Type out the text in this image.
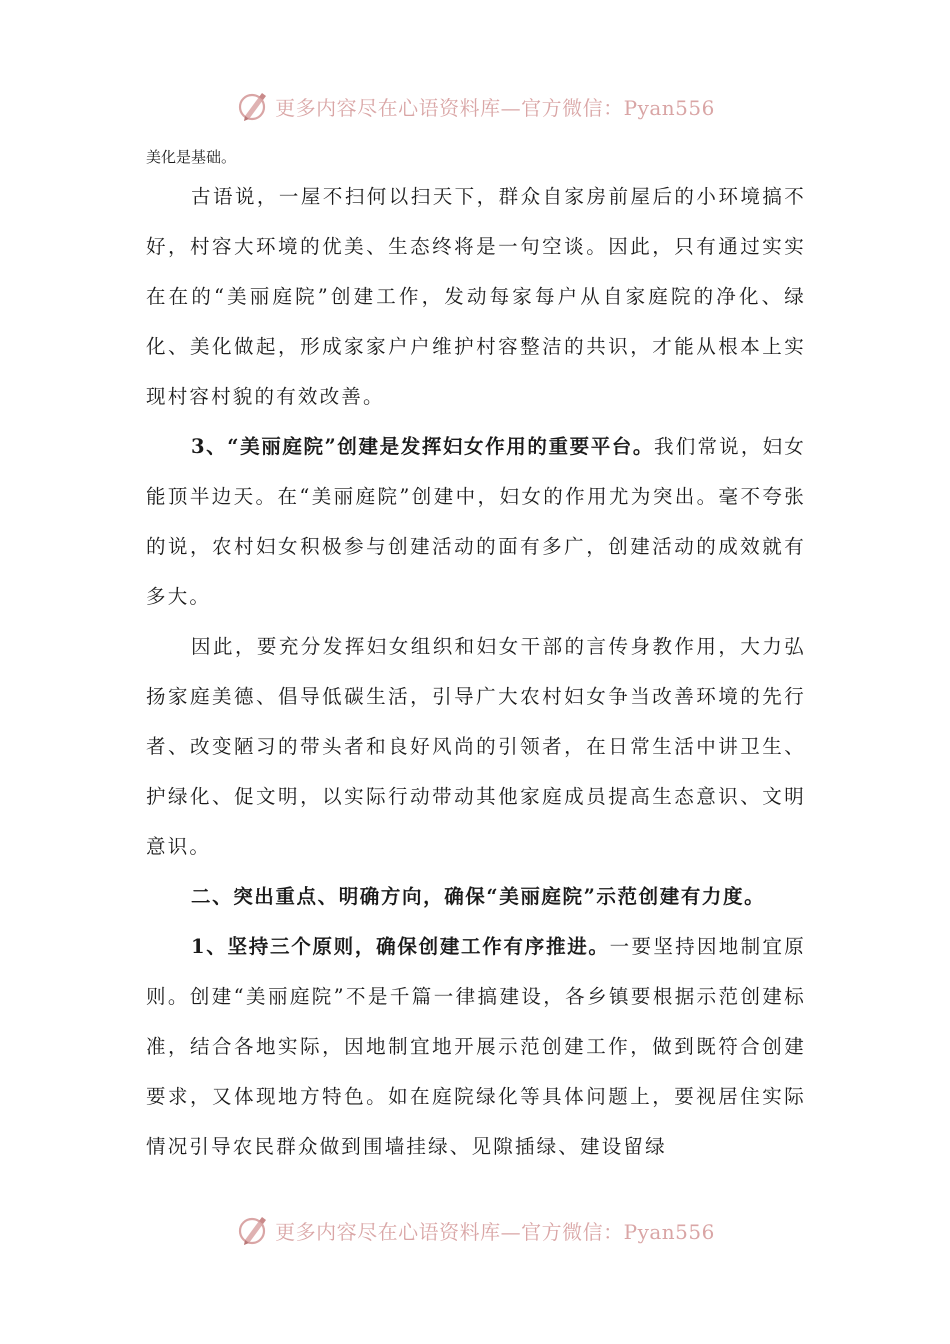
更多内容尽在心语资料库—官方微信：Pyan556
美化是基础。

古语说，一屋不扫何以扫天下，群众自家房前屋后的小环境搞不好，村容大环境的优美、生态终将是一句空谈。因此，只有通过实实在在的“美丽庭院”创建工作，发动每家每户从自家庭院的净化、绿化、美化做起，形成家家户户维护村容整洁的共识，才能从根本上实现村容村貌的有效改善。

3、“美丽庭院”创建是发挥妇女作用的重要平台。我们常说，妇女能顶半边天。在“美丽庭院”创建中，妇女的作用尤为突出。毫不夸张的说，农村妇女积极参与创建活动的面有多广，创建活动的成效就有多大。

因此，要充分发挥妇女组织和妇女干部的言传身教作用，大力弘扬家庭美德、倡导低碳生活，引导广大农村妇女争当改善环境的先行者、改变陋习的带头者和良好风尚的引领者，在日常生活中讲卫生、护绿化、促文明，以实际行动带动其他家庭成员提高生态意识、文明意识。

二、突出重点、明确方向，确保“美丽庭院”示范创建有力度。

1、坚持三个原则，确保创建工作有序推进。一要坚持因地制宜原则。创建“美丽庭院”不是千篇一律搞建设，各乡镇要根据示范创建标准，结合各地实际，因地制宜地开展示范创建工作，做到既符合创建要求，又体现地方特色。如在庭院绿化等具体问题上，要视居住实际情况引导农民群众做到围墙挂绿、见隙插绿、建设留绿

更多内容尽在心语资料库—官方微信：Pyan556
